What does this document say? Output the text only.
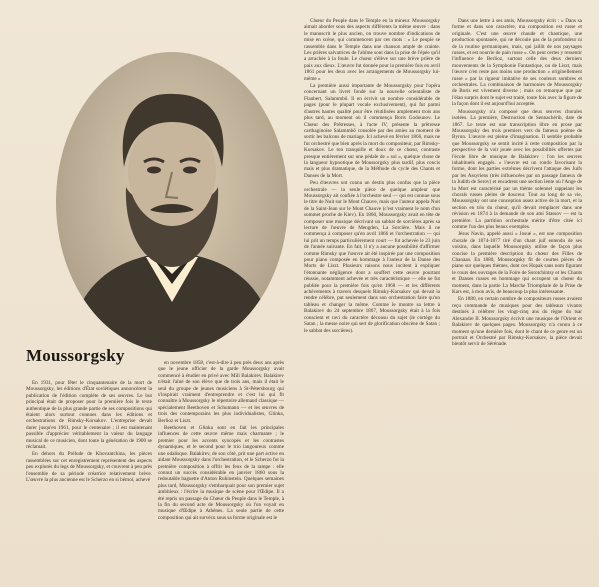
Moussorgsky

En 1931, pour fêter le cinquantenaire de la mort de Moussorgsky, les éditions d'État soviétiques annoncèrent la publication de l'édition complète de ses œuvres. Le but principal était de proposer pour la première fois le texte authentique de la plus grande partie de ses compositions qui étaient alors surtout connues dans les éditions et orchestrations de Rimsky-Korsakov. L'entreprise devait durer jusqu'en 1961, pour le centenaire ; il est maintenant possible d'apprécier véritablement la valeur du langage musical de ce musicien, dont toute la génération de 1900 se réclamait.

En dehors du Prélude de Khovantchina, les pièces rassemblées sur cet enregistrement représentent des aspects peu explorés du legs de Moussorgsky, et couvrent à peu près l'ensemble de sa période créatrice relativement brève. L'œuvre la plus ancienne est le Scherzo en si bémol, achevé

en novembre 1858, c'est-à-dire à peu près deux ans après que le jeune officier de la garde Moussorgsky avait commencé à étudier en privé avec Mili Balakirev. Balakirev n'était l'aîné de son élève que de trois ans, mais il était le seul du groupe de jeunes musiciens à St-Pétersbourg qui s'inspirait vraiment d'entreprendre et c'est lui qui fit connaître à Moussorgsky le répertoire allemand classique — spécialement Beethoven et Schumann — et les œuvres de trois des contemporains les plus individualistes, Glinka, Berlioz et Liszt.

Beethoven et Glinka sont en fait les principales influences de cette œuvre même mais charmante ; le premier pour les accents syncopés et les contrastes dynamiques, et le second pour le trio langoureux comme une odalisque. Balakirev, de son côté, prit une part active en aidant Moussorgsky dans l'orchestration, et le Scherzo fut la première composition à offrir les feux de la rampe : elle connut un succès considérable en janvier 1860 sous la redoutable baguette d'Anton Rubinstein. Quelques semaines plus tard, Moussorgsky s'embarquait pour son premier sujet ambitieux : l'écrire la musique de scène pour l'Œdipe. Il a été repris un passage du Chœur du Peuple dans le Temple, à la fin du second acte de Moussorgsky où l'on voyait en musique d'Œdipe à Athènes. La seule partie de cette composition qui ait survécu sous sa forme originale est le

Chœur du Peuple dans le Temple en la mineur. Moussorgsky aimait aborder sous des aspects différents la même œuvre : dans le manuscrit le plus ancien, on trouve nombre d'indications de mise en scène, qui commencent par ces mots : « Le peuple se rassemble dans le Temple dans une chanson ample de crainte. Les prières salvatrices de l'abîme sont dans la prise de l'épée qu'il a arrachée à la foule. Le chœur s'élève sur une brève prière de paix aux dieux. L'œuvre fut donnée pour la première fois en avril 1861 pour les deux avec les arrangements de Moussorgsky lui-même »

La première aussi importante de Moussorgsky pour l'opéra concernant un livret fondé sur la nouvelle orientaliste de Flaubert, Salammbô. Il en écrivit un nombre considérable de pages (pour le plupart vocale exclusivement), qui fut parmi d'autres hautes qualité pour être réutilisées amplement trois ans plus tard, au moment où il commença Boris Godounov. Le Chœur des Prêtresses, à l'acte IV, présente la prêtresse carthaginoise Salammbô consolée par des amies au moment de sortir les balcons de mariage. Ici achevé en février 1866, mais ne fut orchestré que bien après la mort du compositeur, par Rimsky-Korsakov. Le ton tranquille et doux de ce chœur, contraste presque entièrement sur une pédale de « sol », quelque chose de la langueur hypnotique de Moussorgsky plus tardif, plus concis mais et plus dramatique, de la Méthode du cycle des Chants et Danses de la Mort.

Peu d'œuvres ont connu un destin plus confus que la pièce orchestrale — la seule pièce de quelque ampleur que Moussorgsky ait confiée à l'orchestre seul — qui est connue sous le titre de Nuit sur le Mont Chauve, mais que l'auteur appela Nuit de la Saint-Jean sur le Mont Chauve (c'est vraiment le nom d'un sommet proche de Kiev). En 1860, Moussorgsky avait en tête de composer une musique décrivant un sabbat de sorcières après sa lecture de l'œuvre de Mengden, La Sorcière. Mais il ne commença à composer qu'en avril 1866 et l'orchestration — qui lui prit un temps particulièrement court — fut achevée le 23 juin de l'année suivante. En fait, il n'y a aucune possibilité d'affirmer comme Rimsky que l'œuvre ait été inspirée par une composition pour piano composée en hommage à l'auteur de la Danse des Morts de Liszt. Plusieurs raisons nous incitent à expliquer l'étonnante négligence dont a souffert cette œuvre pourtant réussie, notamment achevée et très caractéristique — elle ne fut publiée pour la première fois qu'en 1968 — et les différents achèvements à travers desquels Rimsky-Korsakov qui devait la rendre célèbre, put seulement dans son orchestration faire qu'un tableau et changer la même. Comme le montre sa lettre à Balakirev du 24 septembre 1867, Moussorgsky était à la fois conscient et ravi du caractère décousu du sujet (le cortège du Satan ; la messe noire qui sert de glorification obscène de Satan ; le sabbat des sorcières).

Dans une lettre à ses amis, Moussorgsky écrit : « Dans sa forme et dans son caractère, ma composition est russe et originale. C'est une œuvre chaude et chaotique, une production spontanée, qui ne découle pas de la profondeur ni de la routine germaniques, mais, qui jaillit de nos paysages russes, et est nourrie de pain russe ». On peut certes y ressentir l'influence de Berlioz, surtout celle des deux derniers mouvements de la Symphonie Fantastique, ou de Liszt, mais l'œuvre n'en reste pas moins une production « originellement russe » par la rigueur imitative de ses couleurs sombres et orchestrales. La combinaison de harmonies de Moussorgsky de Boris est vivement diverse ; mais on remarque que par l'élan surpris dont le sujet est traité, toute fois avec la figure de la façon dont il est aujourd'hui acceptée.

Moussorgsky n'a composé que deux œuvres chorales isolées. La première, Destruction de Sennachérib, date de 1867. Le texte est une transcription libre en prose par Moussorgsky des trois premiers vers du fameux poème de Byron. L'œuvre est pleine d'imagination. Il semble probable que Moussorgsky se sentit incité à cette composition par la perspective de la voir jouée avec les possibilités offertes par l'école libre de musique de Balakirev : l'on les œuvres inhabituels engagés. « l'œuvre est un rondo favorisant la forme, dont les parties extrêmes décrivent l'attaque des Juifs par les Assyriens (très influencées par un passage fameux de la Judith de Serov) et encadrent une section lente où l'Ange de la Mort est caractérisé par un thème solennel rappelant les chorals russes pleins de douceur. Tout au long de sa vie, Moussorgsky ont une conception assez active de la mort, et la section en trio du chœur, qu'il devait remplacer dans une révision en 1874 à la demande de son ami Stassov — est la première. La partition orchestrale mérite d'être citée ici comme l'un des plus beaux exemples.

Jésus Navin, appelé aussi « Josué », est une composition chorale de 1874-1877 tiré d'un chant juif entendu de ses voisins, dans laquelle Moussorgsky utilise de façon plus concise la première description du chœur des Filles de Chanaan. En 1880, Moussorgsky fit de courtes pièces de piano sur quelques thèmes, dont ces Hopak sans nom figurant le cours des ouvrages de la Foire de Sorotchintsy et les Chants et Danses russes en hommage qui occupent un chœur du moment, dans la partie La Marche Triomphale de la Prise de Kars est, à mon avis, de beaucoup la plus intéressante.

En 1880, en certain nombre de compositeurs russes avaient reçu commande de musiques pour des tableaux vivants destinés à célébrer les vingt-cinq ans du règne du tsar Alexandre II. Moussorgsky écrivit une musique de l'Orient et Balakirev de quelques pages. Moussorgsky n'a connu à ce moment qu'une dernière fois, dont le chant de ce genre est un portrait et Orchestré par Rimsky-Korsakov, la pièce devait bientôt servir de Sérénade.
